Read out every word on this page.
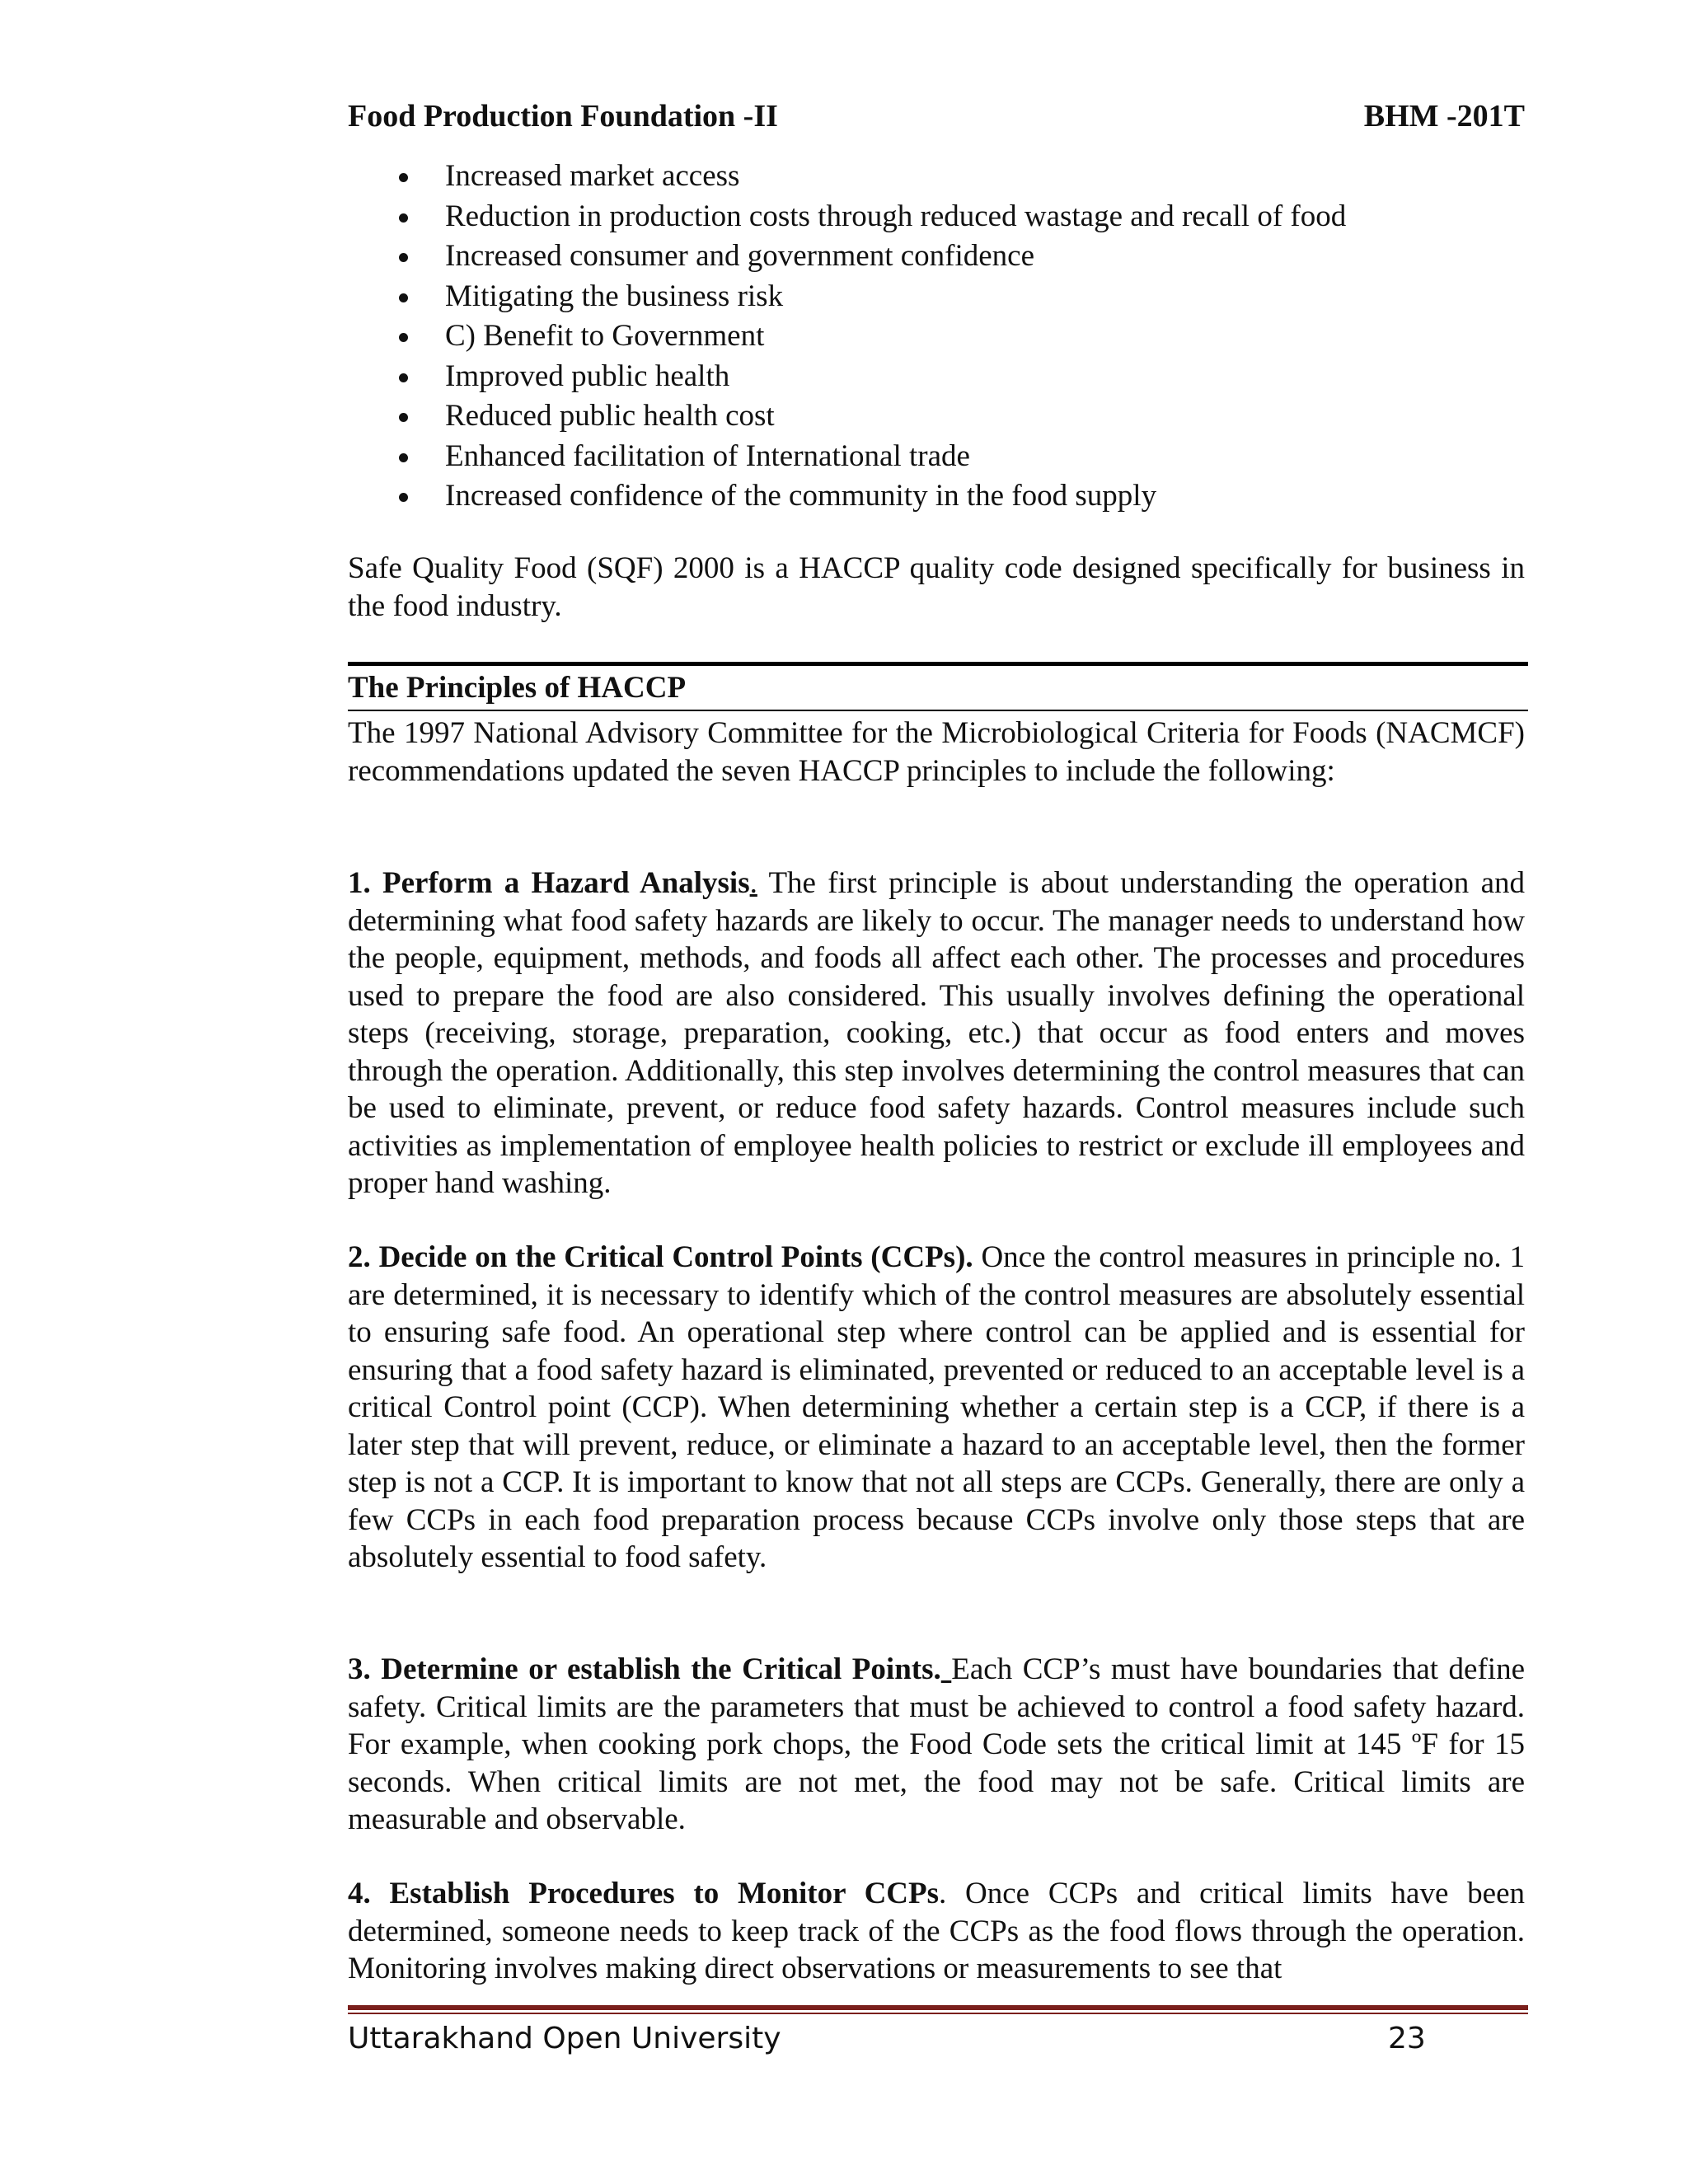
Food Production Foundation -II	BHM -201T
Increased market access
Reduction in production costs through reduced wastage and recall of food
Increased consumer and government confidence
Mitigating the business risk
C) Benefit to Government
Improved public health
Reduced public health cost
Enhanced facilitation of International trade
Increased confidence of the community in the food supply

Safe Quality Food (SQF) 2000 is a HACCP quality code designed specifically for business in the food industry.

The Principles of HACCP

The 1997 National Advisory Committee for the Microbiological Criteria for Foods (NACMCF) recommendations updated the seven HACCP principles to include the following:

1. Perform a Hazard Analysis. The first principle is about understanding the operation and determining what food safety hazards are likely to occur. The manager needs to understand how the people, equipment, methods, and foods all affect each other. The processes and procedures used to prepare the food are also considered. This usually involves defining the operational steps (receiving, storage, preparation, cooking, etc.) that occur as food enters and moves through the operation. Additionally, this step involves determining the control measures that can be used to eliminate, prevent, or reduce food safety hazards. Control measures include such activities as implementation of employee health policies to restrict or exclude ill employees and proper hand washing.

2. Decide on the Critical Control Points (CCPs). Once the control measures in principle no. 1 are determined, it is necessary to identify which of the control measures are absolutely essential to ensuring safe food. An operational step where control can be applied and is essential for ensuring that a food safety hazard is eliminated, prevented or reduced to an acceptable level is a critical Control point (CCP). When determining whether a certain step is a CCP, if there is a later step that will prevent, reduce, or eliminate a hazard to an acceptable level, then the former step is not a CCP. It is important to know that not all steps are CCPs. Generally, there are only a few CCPs in each food preparation process because CCPs involve only those steps that are absolutely essential to food safety.

3. Determine or establish the Critical Points. Each CCP’s must have boundaries that define safety. Critical limits are the parameters that must be achieved to control a food safety hazard. For example, when cooking pork chops, the Food Code sets the critical limit at 145 ºF for 15 seconds. When critical limits are not met, the food may not be safe. Critical limits are measurable and observable.

4. Establish Procedures to Monitor CCPs. Once CCPs and critical limits have been determined, someone needs to keep track of the CCPs as the food flows through the operation. Monitoring involves making direct observations or measurements to see that

Uttarakhand Open University	23
